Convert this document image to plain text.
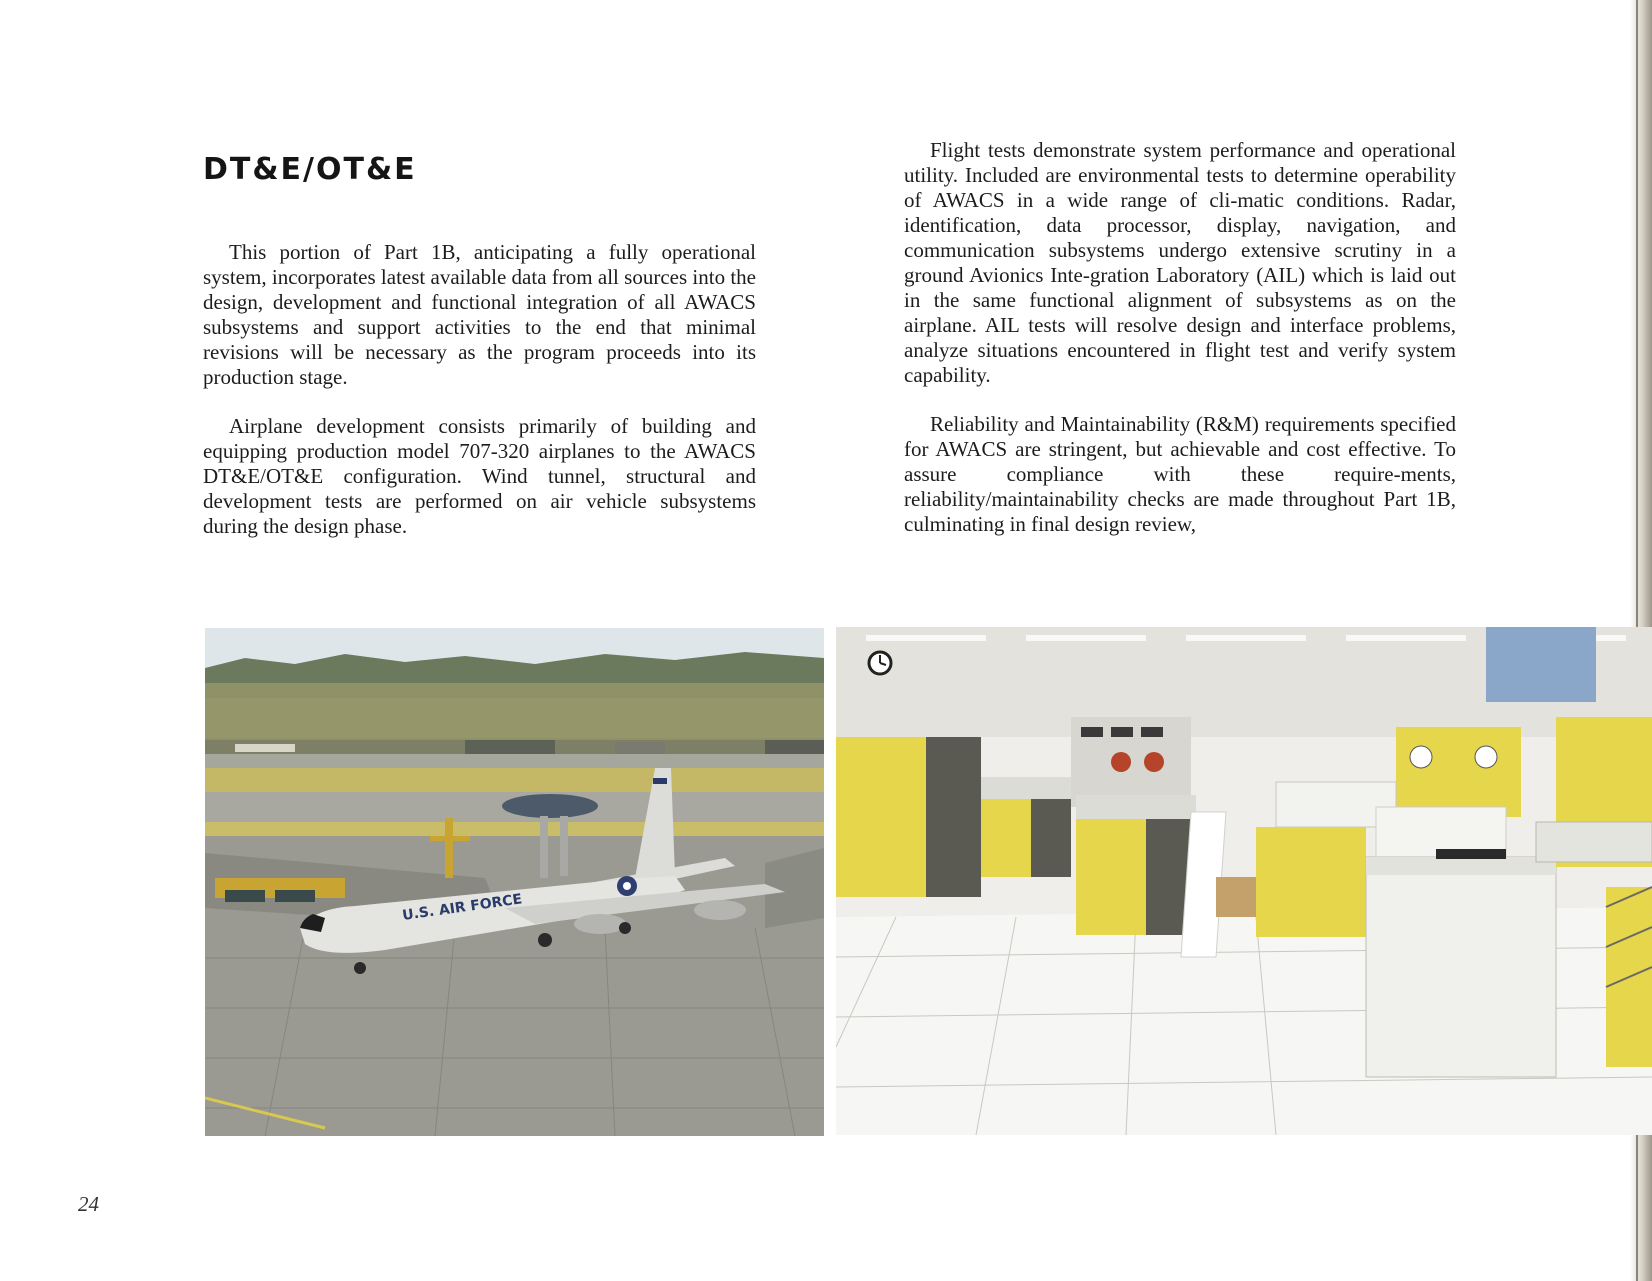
DT&E/OT&E

This portion of Part 1B, anticipating a fully operational system, incorporates latest available data from all sources into the design, development and functional integration of all AWACS subsystems and support activities to the end that minimal revisions will be necessary as the program proceeds into its production stage.

Airplane development consists primarily of building and equipping production model 707-320 airplanes to the AWACS DT&E/OT&E configuration. Wind tunnel, structural and development tests are performed on air vehicle subsystems during the design phase.

Flight tests demonstrate system performance and operational utility. Included are environmental tests to determine operability of AWACS in a wide range of cli-matic conditions. Radar, identification, data processor, display, navigation, and communication subsystems undergo extensive scrutiny in a ground Avionics Inte-gration Laboratory (AIL) which is laid out in the same functional alignment of subsystems as on the airplane. AIL tests will resolve design and interface problems, analyze situations encountered in flight test and verify system capability.

Reliability and Maintainability (R&M) requirements specified for AWACS are stringent, but achievable and cost effective. To assure compliance with these require-ments, reliability/maintainability checks are made throughout Part 1B, culminating in final design review,

U.S. AIR FORCE
24
